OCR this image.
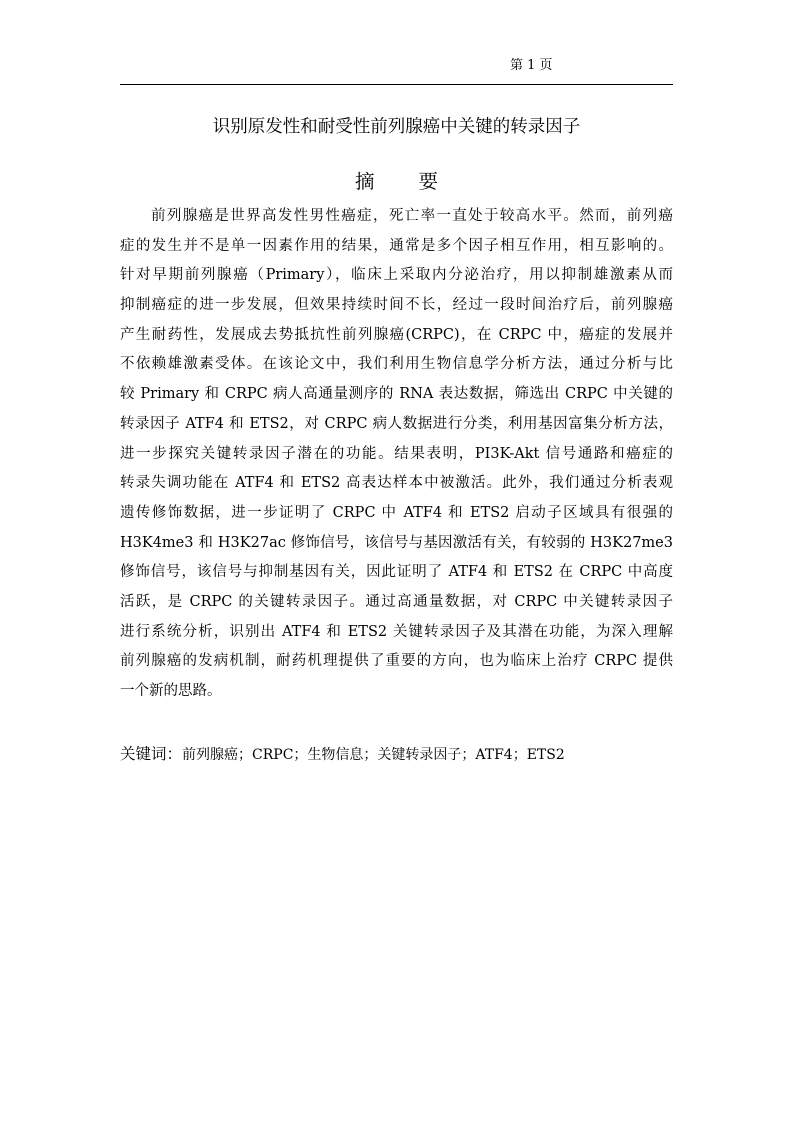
第 1 页
识别原发性和耐受性前列腺癌中关键的转录因子
摘要
前列腺癌是世界高发性男性癌症，死亡率一直处于较高水平。然而，前列癌
症的发生并不是单一因素作用的结果，通常是多个因子相互作用，相互影响的。
针对早期前列腺癌（Primary），临床上采取内分泌治疗，用以抑制雄激素从而
抑制癌症的进一步发展，但效果持续时间不长，经过一段时间治疗后，前列腺癌
产生耐药性，发展成去势抵抗性前列腺癌(CRPC)，在 CRPC 中，癌症的发展并
不依赖雄激素受体。在该论文中，我们利用生物信息学分析方法，通过分析与比
较 Primary 和 CRPC 病人高通量测序的 RNA 表达数据，筛选出 CRPC 中关键的
转录因子 ATF4 和 ETS2，对 CRPC 病人数据进行分类，利用基因富集分析方法，
进一步探究关键转录因子潜在的功能。结果表明，PI3K-Akt 信号通路和癌症的
转录失调功能在 ATF4 和 ETS2 高表达样本中被激活。此外，我们通过分析表观
遗传修饰数据，进一步证明了 CRPC 中 ATF4 和 ETS2 启动子区域具有很强的
H3K4me3 和 H3K27ac 修饰信号，该信号与基因激活有关，有较弱的 H3K27me3
修饰信号，该信号与抑制基因有关，因此证明了 ATF4 和 ETS2 在 CRPC 中高度
活跃，是 CRPC 的关键转录因子。通过高通量数据，对 CRPC 中关键转录因子
进行系统分析，识别出 ATF4 和 ETS2 关键转录因子及其潜在功能，为深入理解
前列腺癌的发病机制，耐药机理提供了重要的方向，也为临床上治疗 CRPC 提供
一个新的思路。
关键词：前列腺癌；CRPC；生物信息；关键转录因子；ATF4；ETS2
